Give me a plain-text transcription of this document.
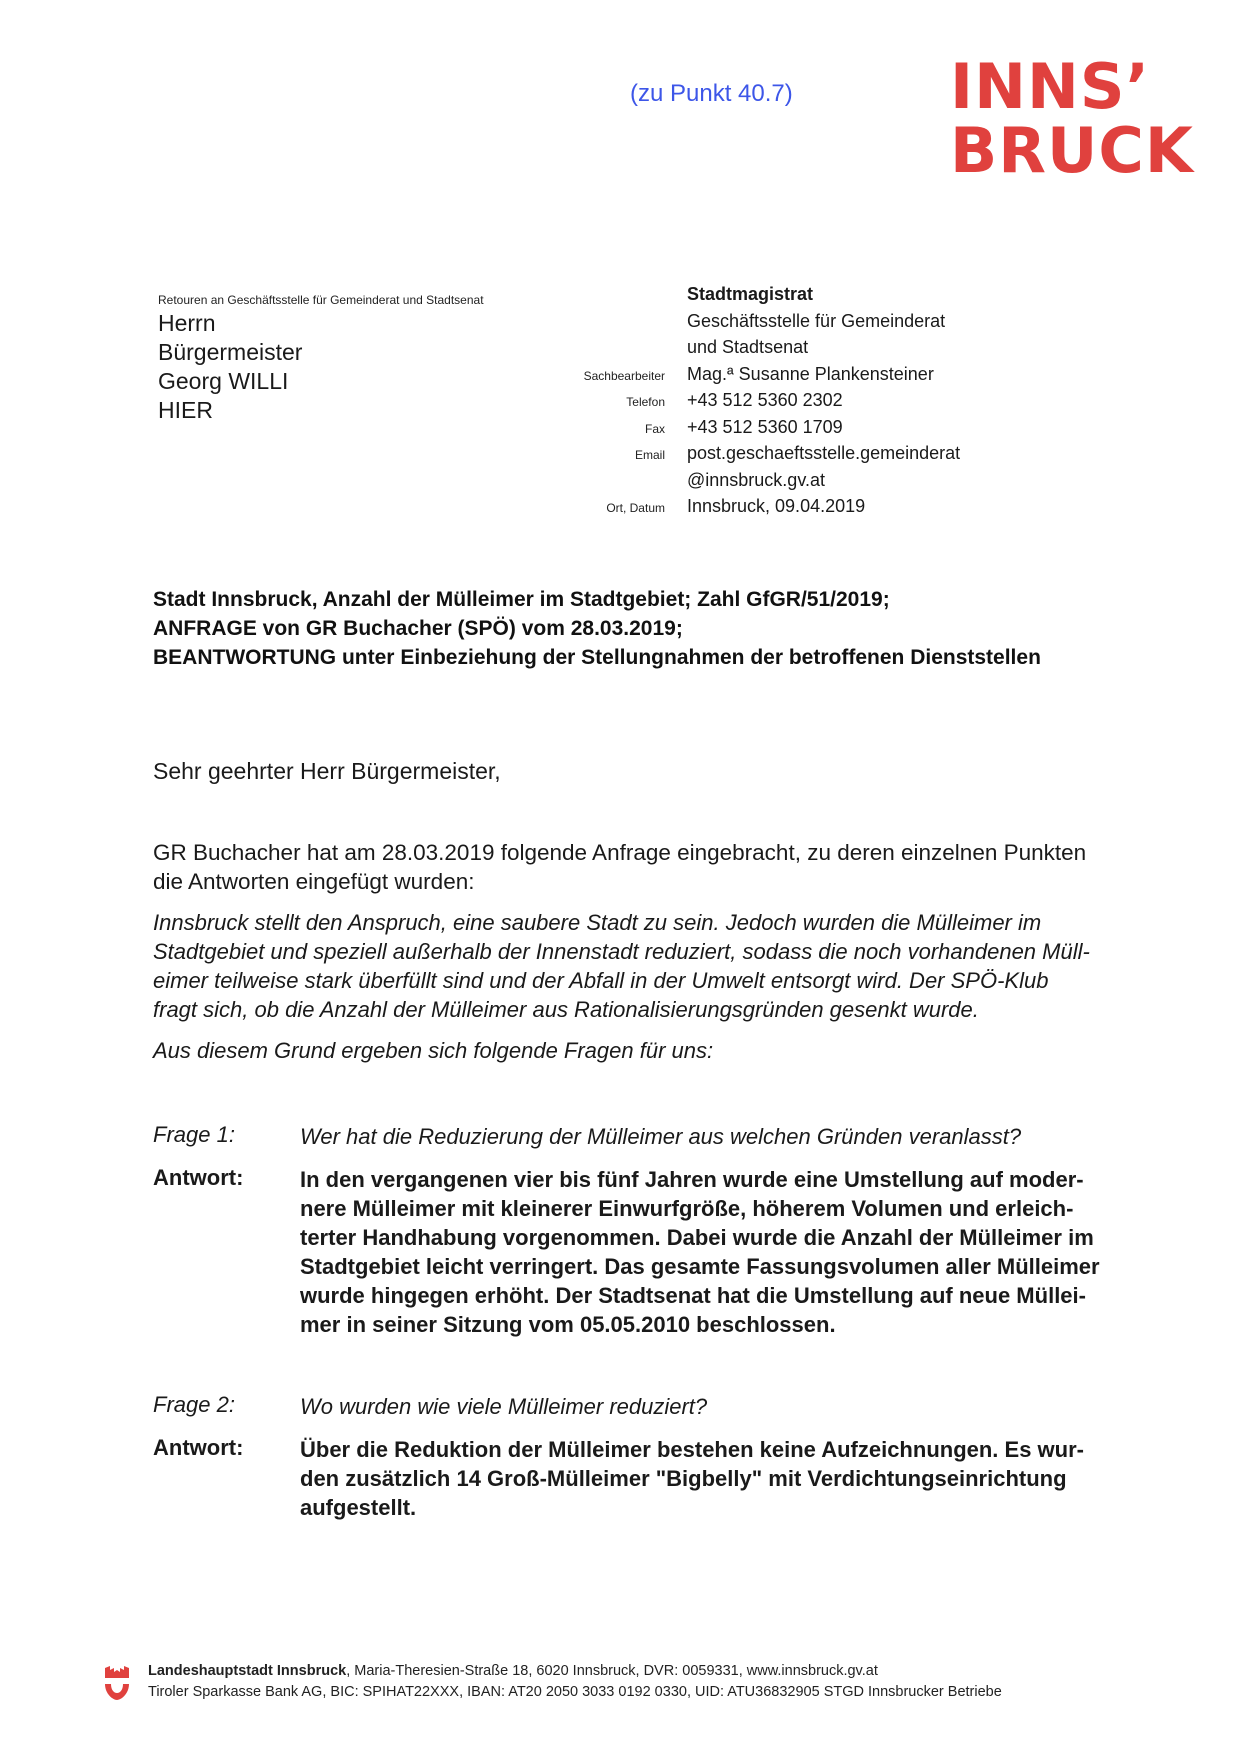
(zu Punkt 40.7)	INNS’
BRUCK
Retouren an Geschäftsstelle für Gemeinderat und Stadtsenat
Herrn
Bürgermeister
Georg WILLI
HIER
Stadtmagistrat
Geschäftsstelle für Gemeinderat
und Stadtsenat
Sachbearbeiter	Mag.ª Susanne Plankensteiner
Telefon	+43 512 5360 2302
Fax	+43 512 5360 1709
Email	post.geschaeftsstelle.gemeinderat
@innsbruck.gv.at
Ort, Datum	Innsbruck, 09.04.2019
Stadt Innsbruck, Anzahl der Mülleimer im Stadtgebiet; Zahl GfGR/51/2019;
ANFRAGE von GR Buchacher (SPÖ) vom 28.03.2019;
BEANTWORTUNG unter Einbeziehung der Stellungnahmen der betroffenen Dienststellen
Sehr geehrter Herr Bürgermeister,
GR Buchacher hat am 28.03.2019 folgende Anfrage eingebracht, zu deren einzelnen Punkten
die Antworten eingefügt wurden:
Innsbruck stellt den Anspruch, eine saubere Stadt zu sein. Jedoch wurden die Mülleimer im
Stadtgebiet und speziell außerhalb der Innenstadt reduziert, sodass die noch vorhandenen Müll-
eimer teilweise stark überfüllt sind und der Abfall in der Umwelt entsorgt wird. Der SPÖ-Klub
fragt sich, ob die Anzahl der Mülleimer aus Rationalisierungsgründen gesenkt wurde.
Aus diesem Grund ergeben sich folgende Fragen für uns:
Frage 1:	Wer hat die Reduzierung der Mülleimer aus welchen Gründen veranlasst?
Antwort:	In den vergangenen vier bis fünf Jahren wurde eine Umstellung auf moder-
nere Mülleimer mit kleinerer Einwurfgröße, höherem Volumen und erleich-
terter Handhabung vorgenommen. Dabei wurde die Anzahl der Mülleimer im
Stadtgebiet leicht verringert. Das gesamte Fassungsvolumen aller Mülleimer
wurde hingegen erhöht. Der Stadtsenat hat die Umstellung auf neue Müllei-
mer in seiner Sitzung vom 05.05.2010 beschlossen.
Frage 2:	Wo wurden wie viele Mülleimer reduziert?
Antwort:	Über die Reduktion der Mülleimer bestehen keine Aufzeichnungen. Es wur-
den zusätzlich 14 Groß-Mülleimer "Bigbelly" mit Verdichtungseinrichtung
aufgestellt.
Landeshauptstadt Innsbruck, Maria-Theresien-Straße 18, 6020 Innsbruck, DVR: 0059331, www.innsbruck.gv.at
Tiroler Sparkasse Bank AG, BIC: SPIHAT22XXX, IBAN: AT20 2050 3033 0192 0330, UID: ATU36832905 STGD Innsbrucker Betriebe
